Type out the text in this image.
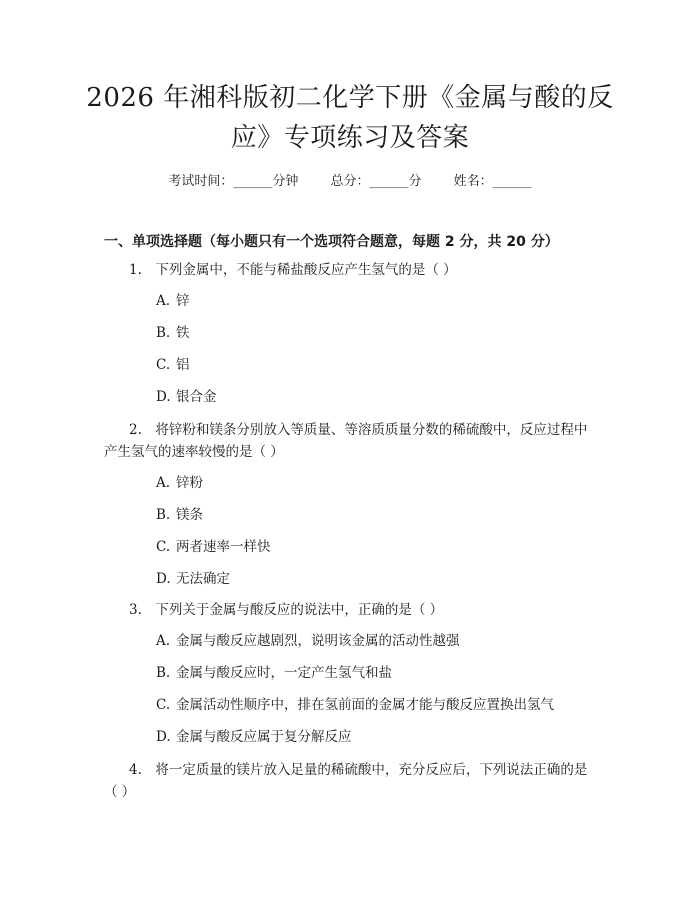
2026 年湘科版初二化学下册《金属与酸的反
应》专项练习及答案
考试时间：______分钟 总分：______分 姓名：______
一、单项选择题（每小题只有一个选项符合题意，每题 2 分，共 20 分）
1.　下列金属中，不能与稀盐酸反应产生氢气的是（ ）
A. 锌
B. 铁
C. 铝
D. 银合金
2.　将锌粉和镁条分别放入等质量、等溶质质量分数的稀硫酸中，反应过程中产生氢气的速率较慢的是（ ）
A. 锌粉
B. 镁条
C. 两者速率一样快
D. 无法确定
3.　下列关于金属与酸反应的说法中，正确的是（ ）
A. 金属与酸反应越剧烈，说明该金属的活动性越强
B. 金属与酸反应时，一定产生氢气和盐
C. 金属活动性顺序中，排在氢前面的金属才能与酸反应置换出氢气
D. 金属与酸反应属于复分解反应
4.　将一定质量的镁片放入足量的稀硫酸中，充分反应后，下列说法正确的是（ ）
